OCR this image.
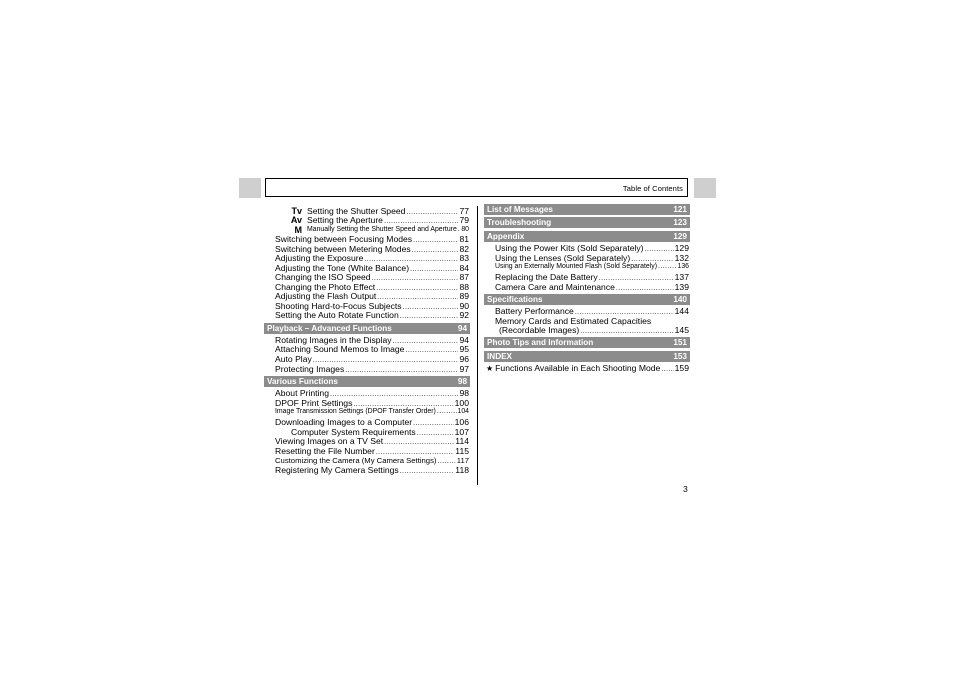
Table of Contents
Tv Setting the Shutter Speed .....	77
Av Setting the Aperture .....	79
M Manually Setting the Shutter Speed and Aperture ..... 80
Switching between Focusing Modes .....	81
Switching between Metering Modes .....	82
Adjusting the Exposure .....	83
Adjusting the Tone (White Balance) .....	84
Changing the ISO Speed .....	87
Changing the Photo Effect .....	88
Adjusting the Flash Output .....	89
Shooting Hard-to-Focus Subjects .....	90
Setting the Auto Rotate Function .....	92
Playback – Advanced Functions	94
Rotating Images in the Display .....	94
Attaching Sound Memos to Image .....	95
Auto Play .....	96
Protecting Images .....	97
Various Functions	98
About Printing .....	98
DPOF Print Settings .....	100
Image Transmission Settings (DPOF Transfer Order) .....	104
Downloading Images to a Computer .....	106
Computer System Requirements .....	107
Viewing Images on a TV Set .....	114
Resetting the File Number .....	115
Customizing the Camera (My Camera Settings) .....	117
Registering My Camera Settings .....	118
List of Messages	121
Troubleshooting	123
Appendix	129
Using the Power Kits (Sold Separately) .....	129
Using the Lenses (Sold Separately) .....	132
Using an Externally Mounted Flash (Sold Separately) .....	136
Replacing the Date Battery .....	137
Camera Care and Maintenance .....	139
Specifications	140
Battery Performance .....	144
Memory Cards and Estimated Capacities
(Recordable Images) .....	145
Photo Tips and Information	151
INDEX	153
★ Functions Available in Each Shooting Mode ..... 159
3
